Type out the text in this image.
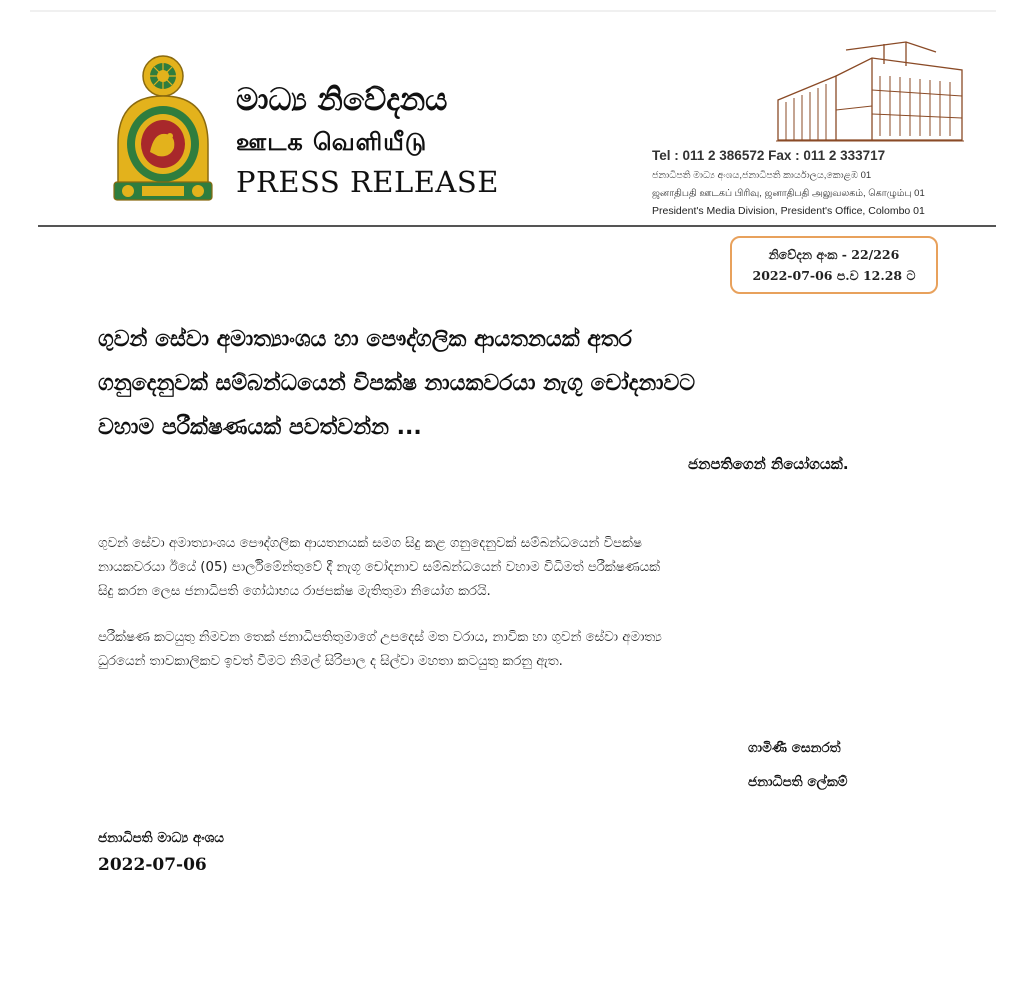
මාධ්‍ය නිවේදනය
ஊடக வெளியீடு
PRESS RELEASE
Tel : 011 2 386572 Fax : 011 2 333717
ජනාධිපති මාධ්‍ය අංශය,ජනාධිපති කාර්යාලය,කොළඹ 01
ஜனாதிபதி ஊடகப் பிரிவு, ஜனாதிபதி அலுவலகம், கொழும்பு 01
President's Media Division, President's Office, Colombo 01
නිවේදන අංක - 22/226
2022-07-06 ප.ව 12.28 ට
ගුවන් සේවා අමාත්‍යාංශය හා පෞද්ගලික ආයතනයක් අතර
ගනුදෙනුවක් සම්බන්ධයෙන් විපක්ෂ නායකවරයා නැගූ චෝදනාවට
වහාම පරීක්ෂණයක් පවත්වන්න ...
ජනපතිගෙන් නියෝගයක්.
ගුවන් සේවා අමාත්‍යාංශය පෞද්ගලික ආයතනයක් සමග සිදු කළ ගනුදෙනුවක් සම්බන්ධයෙන් විපක්ෂ
නායකවරයා ඊයේ (05) පාර්ලිමේන්තුවේ දී නැගූ චෝදනාව සම්බන්ධයෙන් වහාම විධිමත් පරීක්ෂණයක්
සිදු කරන ලෙස ජනාධිපති ගෝඨාභය රාජපක්ෂ මැතිතුමා නියෝග කරයි.
පරීක්ෂණ කටයුතු නිමවන තෙක් ජනාධිපතිතුමාගේ උපදෙස් මත වරාය, නාවික හා ගුවන් සේවා අමාත්‍ය
ධුරයෙන් තාවකාලිකව ඉවත් වීමට නිමල් සිරිපාල ද සිල්වා මහතා කටයුතු කරනු ඇත.
ගාමිණී සෙනරත්
ජනාධිපති ලේකම්
ජනාධිපති මාධ්‍ය අංශය
2022-07-06
